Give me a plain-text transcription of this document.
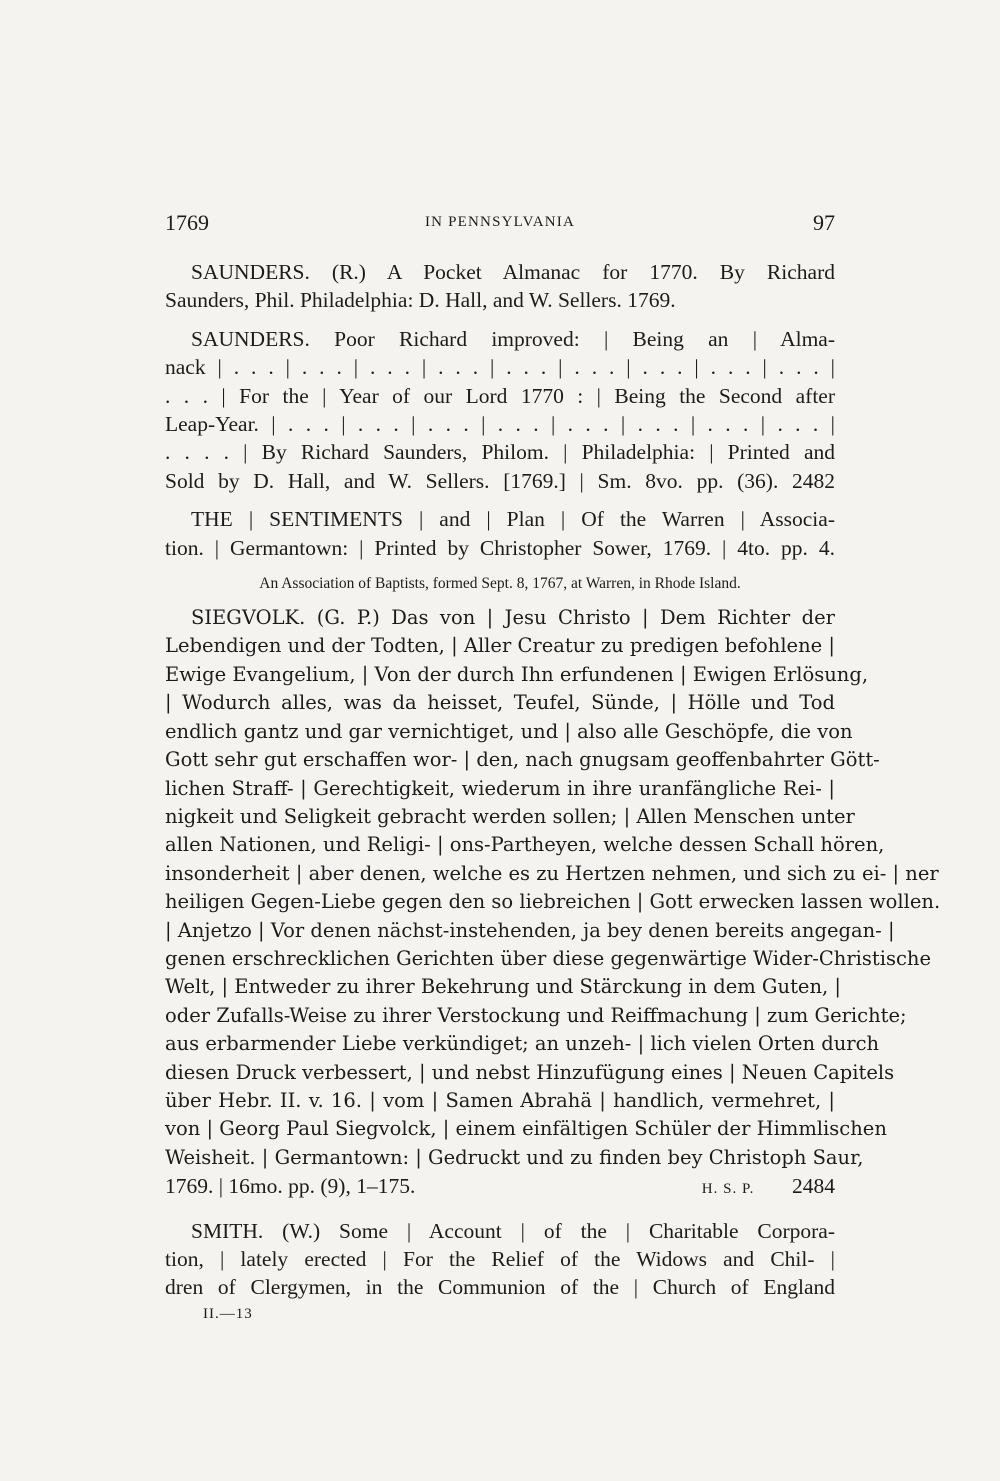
1769	IN PENNSYLVANIA	97
SAUNDERS. (R.) A Pocket Almanac for 1770. By Richard
Saunders, Phil. Philadelphia: D. Hall, and W. Sellers. 1769.
SAUNDERS. Poor Richard improved: | Being an | Alma-
nack | . . . | . . . | . . . | . . . | . . . | . . . | . . . | . . . | . . . |
. . . | For the | Year of our Lord 1770 : | Being the Second after
Leap-Year. | . . . | . . . | . . . | . . . | . . . | . . . | . . . | . . . |
. . . . | By Richard Saunders, Philom. | Philadelphia: | Printed and
Sold by D. Hall, and W. Sellers. [1769.] | Sm. 8vo. pp. (36). 2482
THE | SENTIMENTS | and | Plan | Of the Warren | Associa-
tion. | Germantown: | Printed by Christopher Sower, 1769. | 4to. pp. 4.
An Association of Baptists, formed Sept. 8, 1767, at Warren, in Rhode Island.
SIEGVOLK. (G. P.) Das von | Jesu Christo | Dem Richter der
Lebendigen und der Todten, | Aller Creatur zu predigen befohlene |
Ewige Evangelium, | Von der durch Ihn erfundenen | Ewigen Erlösung,
| Wodurch alles, was da heisset, Teufel, Sünde, | Hölle und Tod
endlich gantz und gar vernichtiget, und | also alle Geschöpfe, die von
Gott sehr gut erschaffen wor- | den, nach gnugsam geoffenbahrter Gött-
lichen Straff- | Gerechtigkeit, wiederum in ihre uranfängliche Rei- |
nigkeit und Seligkeit gebracht werden sollen; | Allen Menschen unter
allen Nationen, und Religi- | ons-Partheyen, welche dessen Schall hören,
insonderheit | aber denen, welche es zu Hertzen nehmen, und sich zu ei- | ner
heiligen Gegen-Liebe gegen den so liebreichen | Gott erwecken lassen wollen.
| Anjetzo | Vor denen nächst-instehenden, ja bey denen bereits angegan- |
genen erschrecklichen Gerichten über diese gegenwärtige Wider-Christische
Welt, | Entweder zu ihrer Bekehrung und Stärckung in dem Guten, |
oder Zufalls-Weise zu ihrer Verstockung und Reiffmachung | zum Gerichte;
aus erbarmender Liebe verkündiget; an unzeh- | lich vielen Orten durch
diesen Druck verbessert, | und nebst Hinzufügung eines | Neuen Capitels
über Hebr. II. v. 16. | vom | Samen Abrahä | handlich, vermehret, |
von | Georg Paul Siegvolck, | einem einfältigen Schüler der Himmlischen
Weisheit. | Germantown: | Gedruckt und zu finden bey Christoph Saur,
1769. | 16mo. pp. (9), 1–175.	H. S. P. 2484
SMITH. (W.) Some | Account | of the | Charitable Corpora-
tion, | lately erected | For the Relief of the Widows and Chil- |
dren of Clergymen, in the Communion of the | Church of England
II.—13
